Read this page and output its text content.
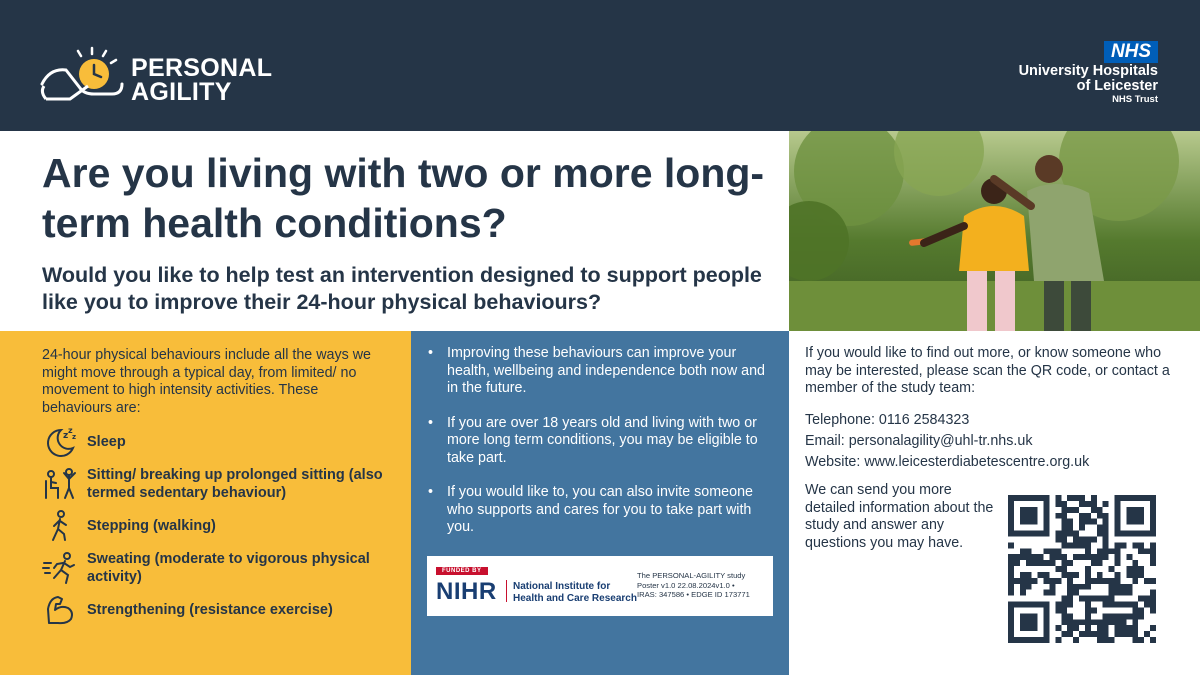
PERSONAL
AGILITY
NHS
University Hospitals
of Leicester
NHS Trust
Are you living with two or more long-term health conditions?

Would you like to help test an intervention designed to support people like you to improve their 24-hour physical behaviours?

24-hour physical behaviours include all the ways we might move through a typical day, from limited/ no movement to high intensity activities. These behaviours are:

z
z
z Sleep
Sitting/ breaking up prolonged sitting (also termed sedentary behaviour)
Stepping (walking)
Sweating (moderate to vigorous physical activity)
Strengthening (resistance exercise)
• Improving these behaviours can improve your health, wellbeing and independence both now and in the future.
• If you are over 18 years old and living with two or more long term conditions, you may be eligible to take part.
• If you would like to, you can also invite someone who supports and cares for you to take part with you.
FUNDED BY
NIHR National Institute for
Health and Care Research
The PERSONAL-AGILITY study
Poster v1.0 22.08.2024v1.0 •
IRAS: 347586 • EDGE ID 173771

If you would like to find out more, or know someone who may be interested, please scan the QR code, or contact a member of the study team:

Telephone: 0116 2584323
Email: personalagility@uhl-tr.nhs.uk
Website: www.leicesterdiabetescentre.org.uk

We can send you more detailed information about the study and answer any questions you may have.
